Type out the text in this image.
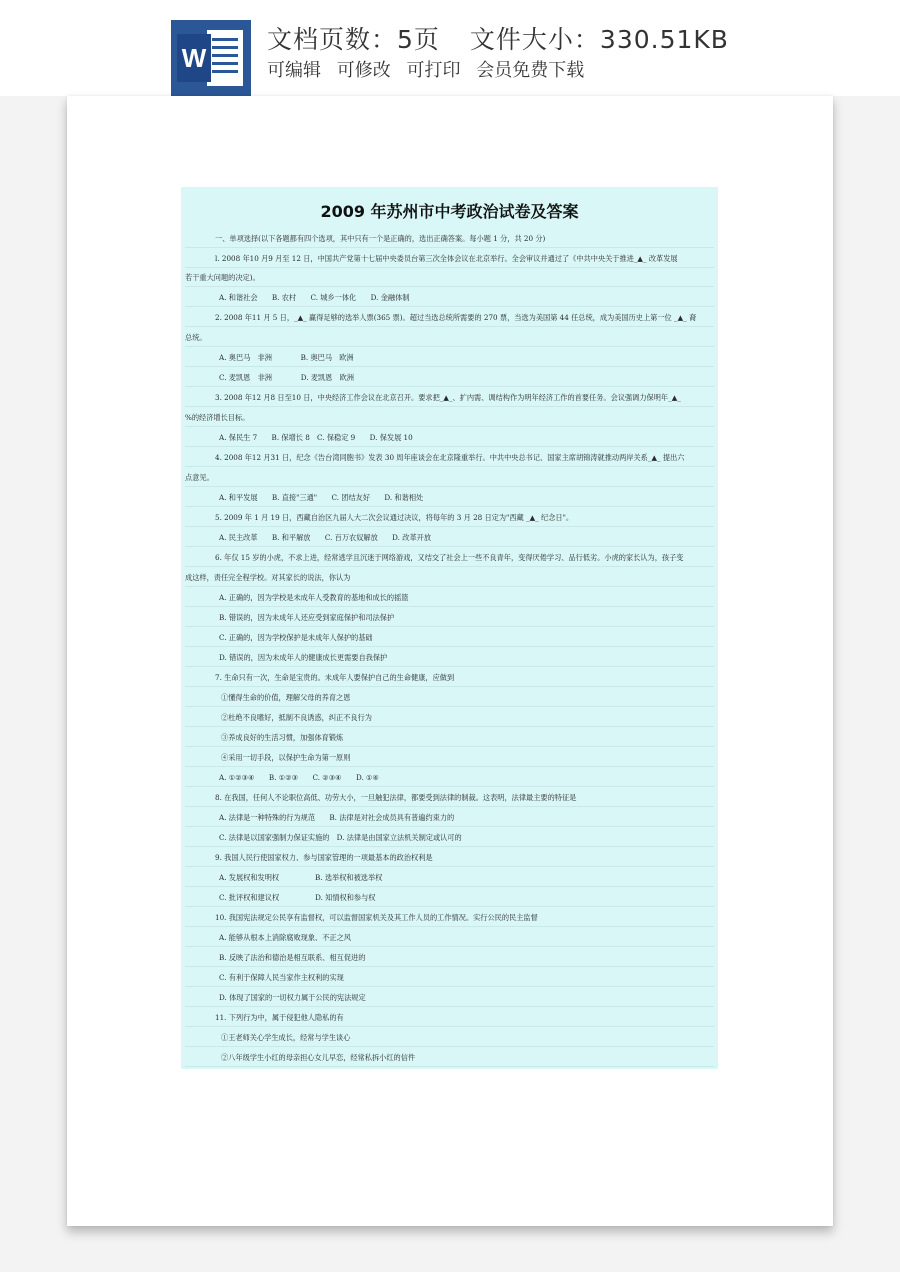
W
文档页数：5页 文件大小：330.51KB
可编辑 可修改 可打印 会员免费下载
2009 年苏州市中考政治试卷及答案
一、单项选择(以下各题都有四个选项，其中只有一个是正确的，选出正确答案。每小题 1 分，共 20 分)
l. 2008 年10 月9 月至 12 日，中国共产党第十七届中央委员台第三次全体会议在北京举行。全会审议并通过了《中共中央关于推进_▲_ 改革发展
若干重大问题的决定)。
A. 和谐社会　　B. 农村　　C. 城乡一体化　　D. 金融体制
2. 2008 年11 月 5 日，_▲_ 赢得足够的选举人票(365 票)。超过当选总统所需要的 270 票，当选为美国第 44 任总统，成为美国历史上第一位 _▲_ 裔
总统。
A. 奥巴马　非洲　　　　B. 奥巴马　欧洲
C. 麦凯恩　非洲　　　　D. 麦凯恩　欧洲
3. 2008 年12 月8 日至10 日，中央经济工作会议在北京召开。要求把_▲_、扩内需、调结构作为明年经济工作的首要任务。会议强调力保明年_▲_
%的经济增长目标。
A. 保民生 7　　B. 保增长 8　C. 保稳定 9　　D. 保发展 10
4. 2008 年12 月31 日，纪念《告台湾同胞书》发表 30 周年座谈会在北京隆重举行。中共中央总书记、国家主席胡锦涛就推动两岸关系_▲_ 提出六
点意见。
A. 和平发展　　B. 直接"三通"　　C. 团结友好　　D. 和谐相处
5. 2009 年 1 月 19 日，西藏自治区九届人大二次会议通过决议，将每年的 3 月 28 日定为"西藏 _▲_ 纪念日"。
A. 民主改革　　B. 和平解放　　C. 百万农奴解放　　D. 改革开放
6. 年仅 15 岁的小虎，不求上进，经常逃学且沉迷于网络游戏，又结交了社会上一些不良青年，变得厌倦学习、品行低劣。小虎的家长认为，孩子变
成这样，责任完全程学校。对其家长的说法，你认为
A. 正确的，因为学校是未成年人受教育的基地和成长的摇篮
B. 错误的，因为未成年人还应受到家庭保护和司法保护
C. 正确的，因为学校保护是未成年人保护的基础
D. 错误的，因为未成年人的健康成长更需要自我保护
7. 生命只有一次，生命是宝贵的。未成年人要保护自己的生命健康，应做到
①懂得生命的价值，理解父母的养育之恩
②杜绝不良嗜好，抵制不良诱惑，纠正不良行为
③养成良好的生活习惯，加强体育锻炼
④采用一切手段，以保护生命为第一原则
A. ①②③④　　B. ①②③　　C. ②③④　　D. ①④
8. 在我国，任何人不论职位高低、功劳大小，一旦触犯法律，都要受到法律的制裁。这表明，法律最主要的特征是
A. 法律是一种特殊的行为规范　　B. 法律是对社会成员具有普遍约束力的
C. 法律是以国家强制力保证实施的　D. 法律是由国家立法机关制定或认可的
9. 我国人民行使国家权力、参与国家管理的一项最基本的政治权利是
A. 发展权和发明权　　　　　B. 选举权和被选举权
C. 批评权和建议权　　　　　D. 知情权和参与权
10. 我国宪法规定公民享有监督权，可以监督国家机关及其工作人员的工作情况。实行公民的民主监督
A. 能够从根本上消除腐败现象、不正之风
B. 反映了法治和德治是相互联系、相互促进的
C. 有利于保障人民当家作主权利的实现
D. 体现了国家的一切权力属于公民的宪法规定
11. 下列行为中，属于侵犯他人隐私的有
①王老师关心学生成长，经常与学生谈心
②八年级学生小红的母亲担心女儿早恋，经常私拆小红的信件
